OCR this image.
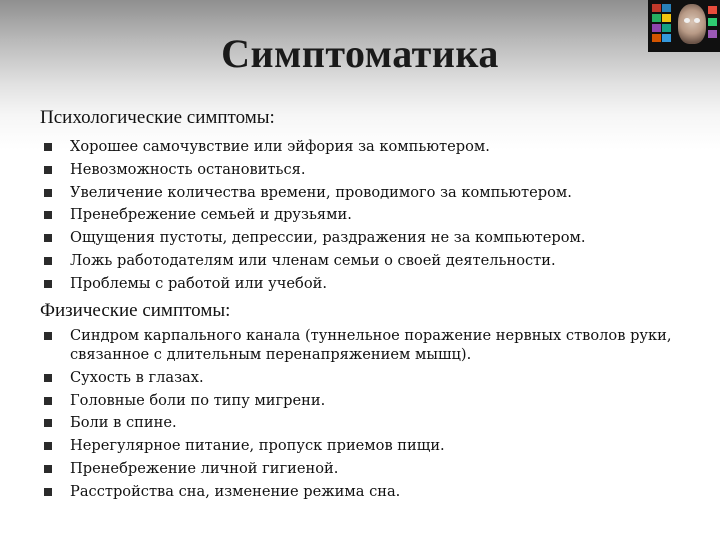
Симптоматика
Психологические симптомы:
Хорошее самочувствие или эйфория за компьютером.
Невозможность остановиться.
Увеличение количества времени, проводимого за компьютером.
Пренебрежение семьей и друзьями.
Ощущения пустоты, депрессии, раздражения не за компьютером.
Ложь работодателям или членам семьи о своей деятельности.
Проблемы с работой или учебой.
Физические симптомы:
Синдром карпального канала (туннельное поражение нервных стволов руки, связанное с длительным перенапряжением мышц).
Сухость в глазах.
Головные боли по типу мигрени.
Боли в спине.
Нерегулярное питание, пропуск приемов пищи.
Пренебрежение личной гигиеной.
Расстройства сна, изменение режима сна.
